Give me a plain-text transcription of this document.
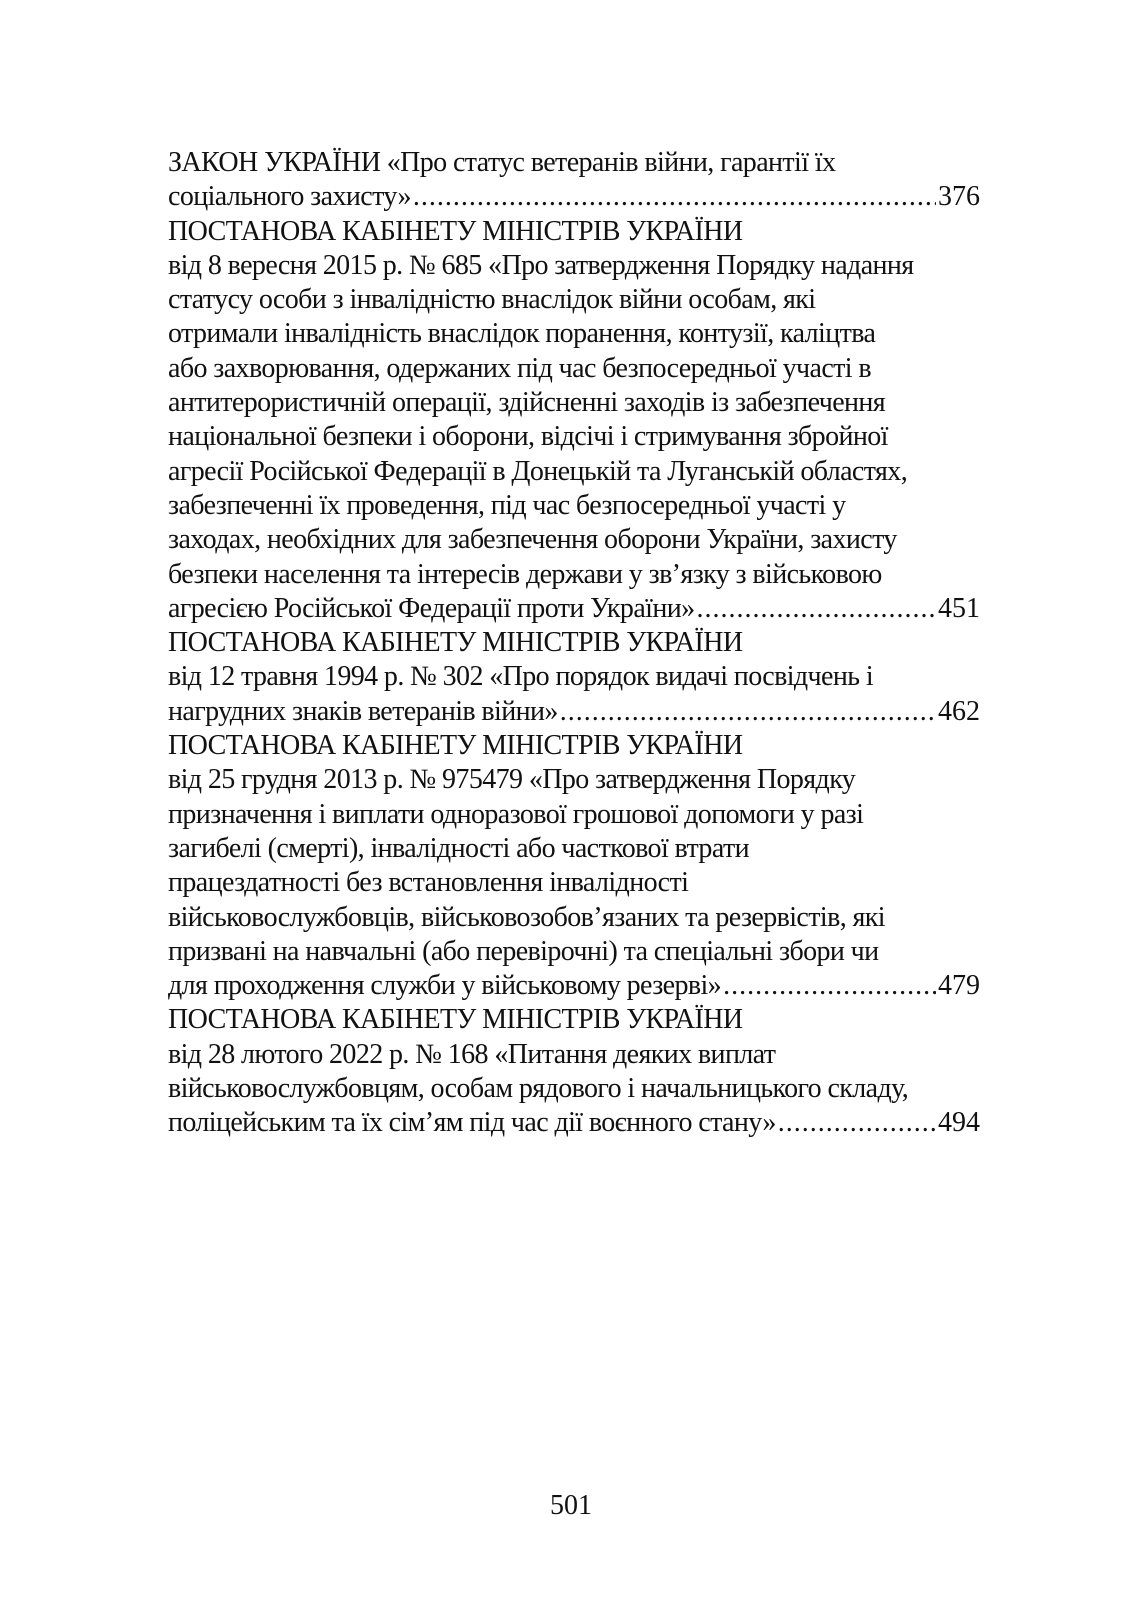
ЗАКОН УКРАЇНИ «Про статус ветеранів війни, гарантії їх
соціального захисту» .....	376
ПОСТАНОВА КАБІНЕТУ МІНІСТРІВ УКРАЇНИ
від 8 вересня 2015 р. № 685 «Про затвердження Порядку надання
статусу особи з інвалідністю внаслідок війни особам, які
отримали інвалідність внаслідок поранення, контузії, каліцтва
або захворювання, одержаних під час безпосередньої участі в
антитерористичній операції, здійсненні заходів із забезпечення
національної безпеки і оборони, відсічі і стримування збройної
агресії Російської Федерації в Донецькій та Луганській областях,
забезпеченні їх проведення, під час безпосередньої участі у
заходах, необхідних для забезпечення оборони України, захисту
безпеки населення та інтересів держави у зв’язку з військовою
агресією Російської Федерації проти України» .....	451
ПОСТАНОВА КАБІНЕТУ МІНІСТРІВ УКРАЇНИ
від 12 травня 1994 р. № 302 «Про порядок видачі посвідчень і
нагрудних знаків ветеранів війни» .....	462
ПОСТАНОВА КАБІНЕТУ МІНІСТРІВ УКРАЇНИ
від 25 грудня 2013 р. № 975479 «Про затвердження Порядку
призначення і виплати одноразової грошової допомоги у разі
загибелі (смерті), інвалідності або часткової втрати
працездатності без встановлення інвалідності
військовослужбовців, військовозобов’язаних та резервістів, які
призвані на навчальні (або перевірочні) та спеціальні збори чи
для проходження служби у військовому резерві» .....	479
ПОСТАНОВА КАБІНЕТУ МІНІСТРІВ УКРАЇНИ
від 28 лютого 2022 р. № 168 «Питання деяких виплат
військовослужбовцям, особам рядового і начальницького складу,
поліцейським та їх сім’ям під час дії воєнного стану» .....	494
501
